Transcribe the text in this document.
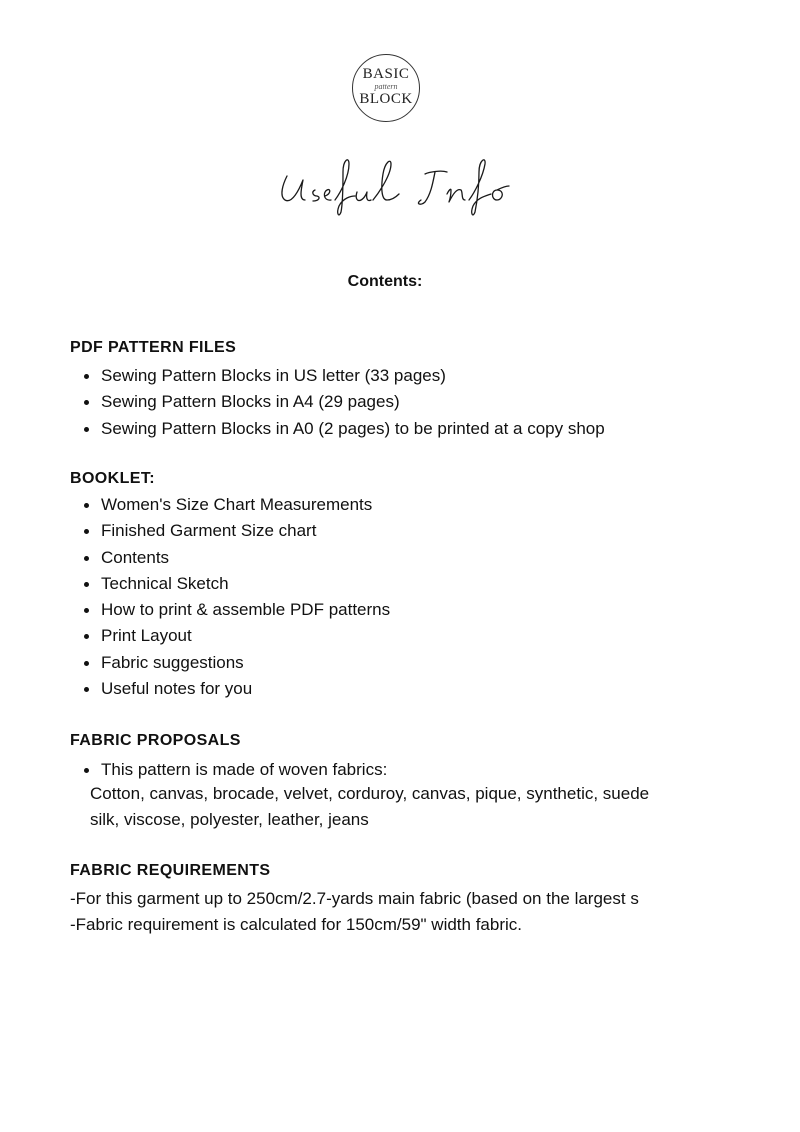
BASIC
pattern
BLOCK
Contents:
PDF PATTERN FILES
Sewing Pattern Blocks in US letter (33 pages)
Sewing Pattern Blocks in A4 (29 pages)
Sewing Pattern Blocks in A0 (2 pages) to be printed at a copy shop
BOOKLET:
Women's Size Chart Measurements
Finished Garment Size chart
Contents
Technical Sketch
How to print & assemble PDF patterns
Print Layout
Fabric suggestions
Useful notes for you
FABRIC PROPOSALS
This pattern is made of woven fabrics:
Cotton, canvas, brocade, velvet, corduroy, canvas, pique, synthetic, suede
silk, viscose, polyester, leather, jeans
FABRIC REQUIREMENTS
-For this garment up to 250cm/2.7-yards main fabric (based on the largest s
-Fabric requirement is calculated for 150cm/59" width fabric.
